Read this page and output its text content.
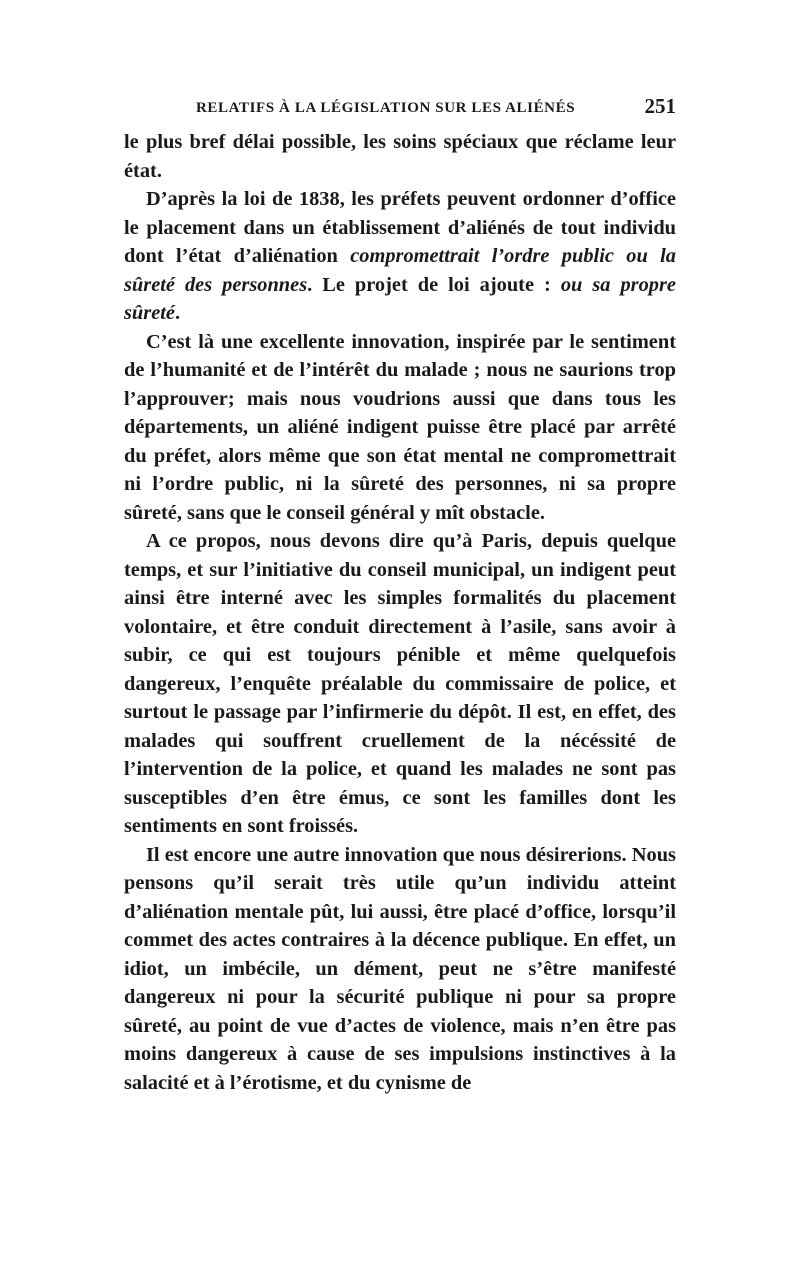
RELATIFS À LA LÉGISLATION SUR LES ALIÉNÉS	251

le plus bref délai possible, les soins spéciaux que réclame leur état.

D’après la loi de 1838, les préfets peuvent ordonner d’office le placement dans un établissement d’aliénés de tout individu dont l’état d’aliénation compromettrait l’ordre public ou la sûreté des personnes. Le projet de loi ajoute : ou sa propre sûreté.

C’est là une excellente innovation, inspirée par le sentiment de l’humanité et de l’intérêt du malade ; nous ne saurions trop l’approuver; mais nous voudrions aussi que dans tous les départements, un aliéné indigent puisse être placé par arrêté du préfet, alors même que son état mental ne compromettrait ni l’ordre public, ni la sûreté des personnes, ni sa propre sûreté, sans que le conseil général y mît obstacle.

A ce propos, nous devons dire qu’à Paris, depuis quelque temps, et sur l’initiative du conseil municipal, un indigent peut ainsi être interné avec les simples formalités du placement volontaire, et être conduit directement à l’asile, sans avoir à subir, ce qui est toujours pénible et même quelquefois dangereux, l’enquête préalable du commissaire de police, et surtout le passage par l’infirmerie du dépôt. Il est, en effet, des malades qui souffrent cruellement de la nécéssité de l’intervention de la police, et quand les malades ne sont pas susceptibles d’en être émus, ce sont les familles dont les sentiments en sont froissés.

Il est encore une autre innovation que nous désirerions. Nous pensons qu’il serait très utile qu’un individu atteint d’aliénation mentale pût, lui aussi, être placé d’office, lorsqu’il commet des actes contraires à la décence publique. En effet, un idiot, un imbécile, un dément, peut ne s’être manifesté dangereux ni pour la sécurité publique ni pour sa propre sûreté, au point de vue d’actes de violence, mais n’en être pas moins dangereux à cause de ses impulsions instinctives à la salacité et à l’érotisme, et du cynisme de
